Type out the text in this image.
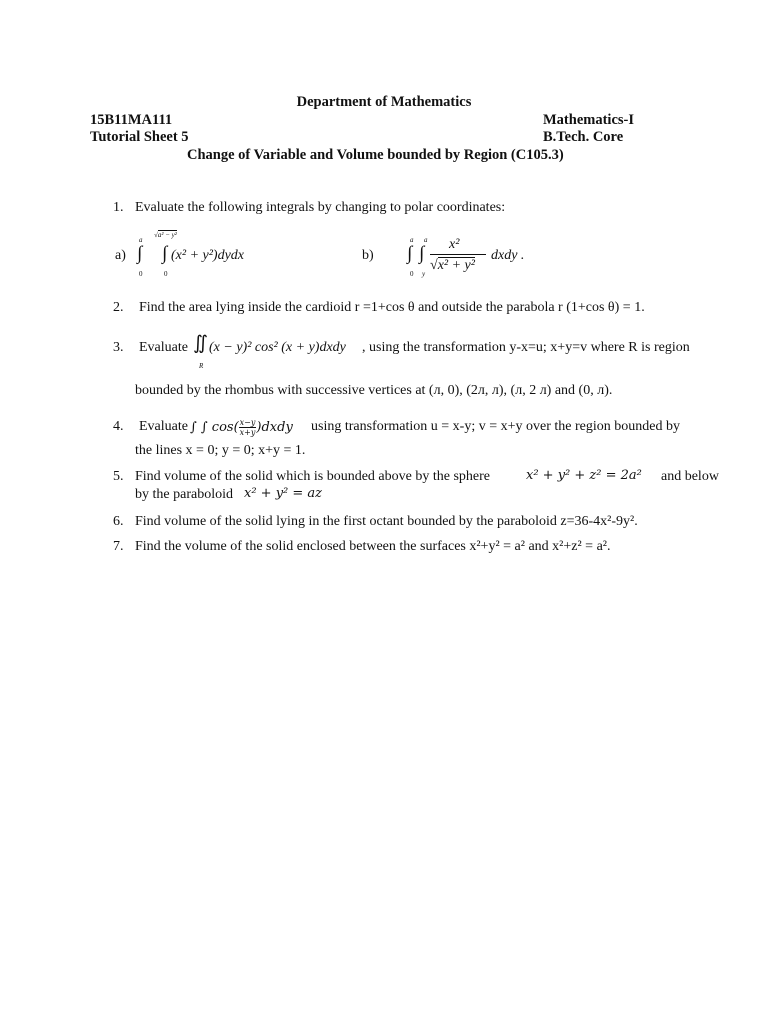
Department of Mathematics
15B11MA111	Mathematics-I
Tutorial Sheet 5	B.Tech. Core
Change of Variable and Volume bounded by Region (C105.3)
1. Evaluate the following integrals by changing to polar coordinates:
a)
a
∫
0
√a² − y²
∫
0
(x² + y²)dydx	b)
a a
∫ ∫
0 y
x²
√x² + y²
dxdy .
2. Find the area lying inside the cardioid r =1+cos θ and outside the parabola r (1+cos θ) = 1.
3. Evaluate ∬
R
(x − y)² cos² (x + y)dxdy , using the transformation y-x=u; x+y=v where R is region
bounded by the rhombus with successive vertices at (л, 0), (2л, л), (л, 2 л) and (0, л).
4. Evaluate ∫ ∫ $\cos( \frac{x-y}{x+y}$ )dxdy using transformation u = x-y; v = x+y over the region bounded by
the lines x = 0; y = 0; x+y = 1.
5. Find volume of the solid which is bounded above by the sphere	x² + y² + z² = 2a² and below
by the paraboloid x² + y² = az
6. Find volume of the solid lying in the first octant bounded by the paraboloid z=36-4x²-9y².
7. Find the volume of the solid enclosed between the surfaces x²+y² = a² and x²+z² = a².
